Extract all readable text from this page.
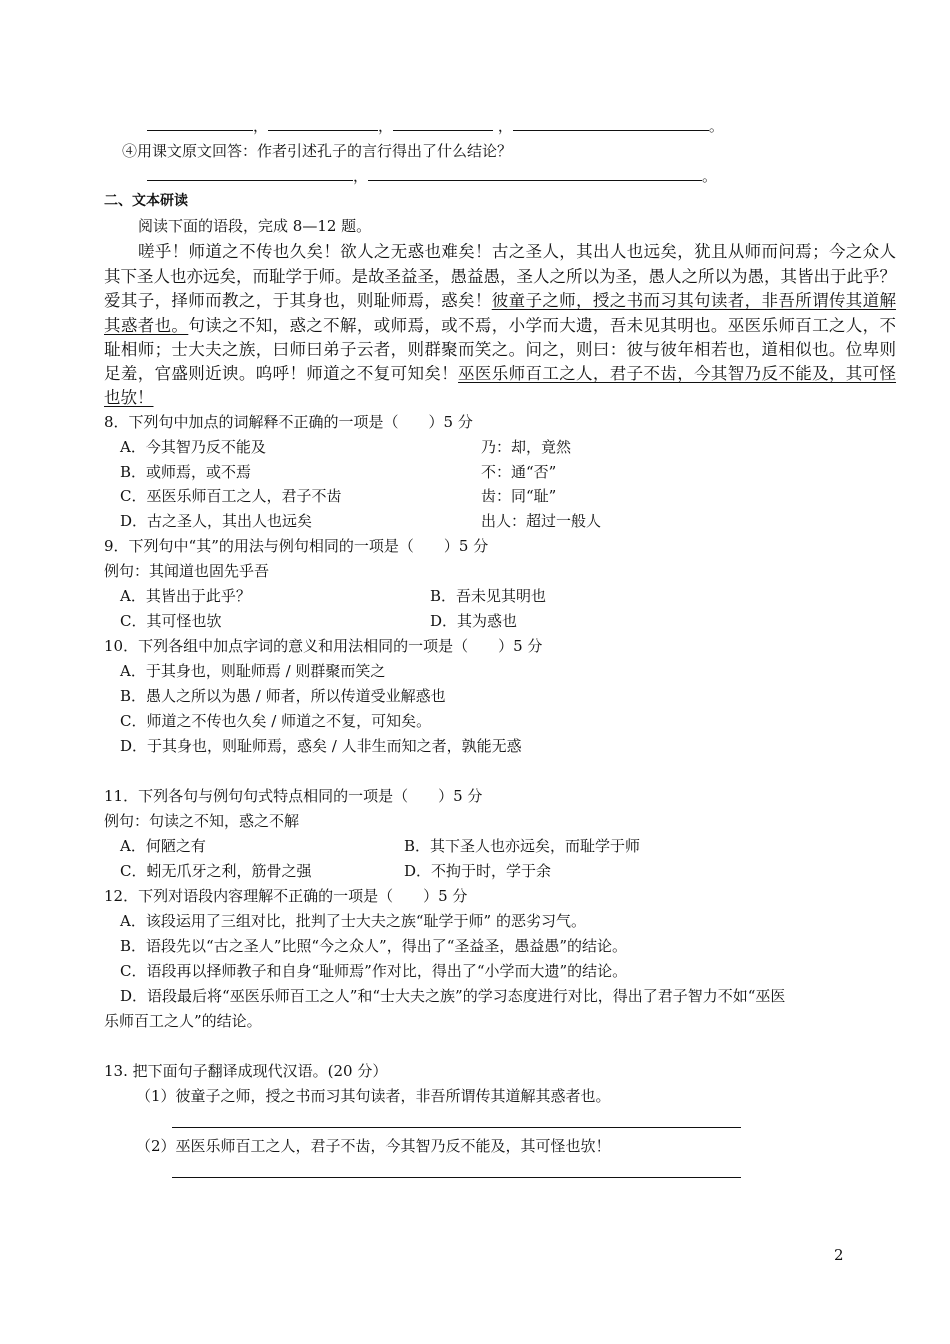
，	，	，	。
④用课文原文回答：作者引述孔子的言行得出了什么结论？
，	。
二、文本研读
阅读下面的语段，完成 8—12 题。
嗟乎！师道之不传也久矣！欲人之无惑也难矣！古之圣人，其出人也远矣，犹且从师而问焉；今之众人
其下圣人也亦远矣，而耻学于师。是故圣益圣，愚益愚，圣人之所以为圣，愚人之所以为愚，其皆出于此乎？
爱其子，择师而教之，于其身也，则耻师焉，惑矣！彼童子之师，授之书而习其句读者，非吾所谓传其道解
其惑者也。句读之不知，惑之不解，或师焉，或不焉，小学而大遗，吾未见其明也。巫医乐师百工之人，不
耻相师；士大夫之族，曰师曰弟子云者，则群聚而笑之。问之，则曰：彼与彼年相若也，道相似也。位卑则
足羞，官盛则近谀。呜呼！师道之不复可知矣！巫医乐师百工之人，君子不齿，今其智乃反不能及，其可怪
也欤！
8．下列句中加点的词解释不正确的一项是（　　）5 分
A．今其智乃反不能及	乃：却，竟然
B．或师焉，或不焉	不：通“否”
C．巫医乐师百工之人，君子不齿	齿：同“耻”
D．古之圣人，其出人也远矣	出人：超过一般人
9．下列句中“其”的用法与例句相同的一项是（　　）5 分
例句：其闻道也固先乎吾
A．其皆出于此乎？	B．吾未见其明也
C．其可怪也欤	D．其为惑也
10．下列各组中加点字词的意义和用法相同的一项是（　　）5 分
A．于其身也，则耻师焉 / 则群聚而笑之
B．愚人之所以为愚 / 师者，所以传道受业解惑也
C．师道之不传也久矣 / 师道之不复，可知矣。
D．于其身也，则耻师焉，惑矣 / 人非生而知之者，孰能无惑
11．下列各句与例句句式特点相同的一项是（　　）5 分
例句：句读之不知，惑之不解
A．何陋之有	B．其下圣人也亦远矣，而耻学于师
C．蚓无爪牙之利，筋骨之强	D．不拘于时，学于余
12．下列对语段内容理解不正确的一项是（　　）5 分
A．该段运用了三组对比，批判了士大夫之族“耻学于师” 的恶劣习气。
B．语段先以“古之圣人”比照“今之众人”，得出了“圣益圣，愚益愚”的结论。
C．语段再以择师教子和自身“耻师焉”作对比，得出了“小学而大遗”的结论。
D．语段最后将“巫医乐师百工之人”和“士大夫之族”的学习态度进行对比，得出了君子智力不如“巫医
乐师百工之人”的结论。
13. 把下面句子翻译成现代汉语。(20 分）
（1）彼童子之师，授之书而习其句读者，非吾所谓传其道解其惑者也。
（2）巫医乐师百工之人，君子不齿，今其智乃反不能及，其可怪也欤！
2
